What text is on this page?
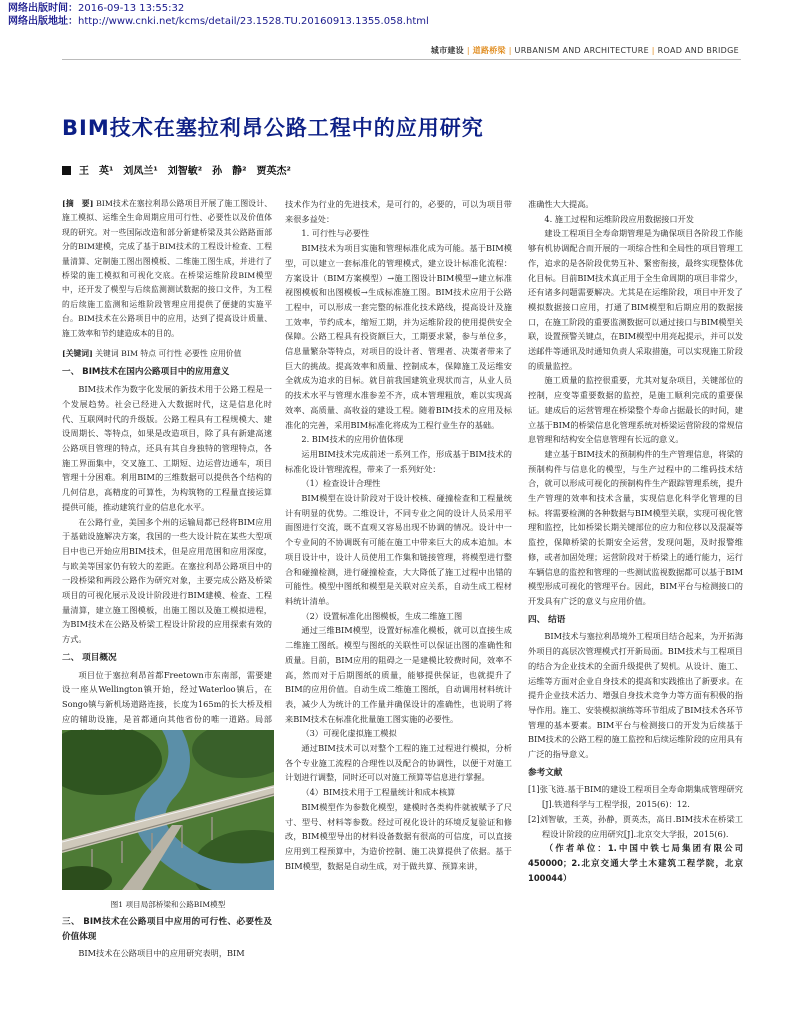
网络出版时间：2016-09-13 13:55:32
网络出版地址：http://www.cnki.net/kcms/detail/23.1528.TU.20160913.1355.058.html
城市建设 | 道路桥梁 | URBANISM AND ARCHITECTURE | ROAD AND BRIDGE
BIM技术在塞拉利昂公路工程中的应用研究
王　英¹　刘凤兰¹　刘智敏²　孙　静²　贾英杰²
[摘　要] BIM技术在塞拉利昂公路项目开展了施工图设计、施工模拟、运维全生命周期应用可行性、必要性以及价值体现的研究。对一些国际改造和部分新建桥梁及其公路路面部分的BIM建模，完成了基于BIM技术的工程设计检查、工程量清算、定制施工图出图模板、二维施工图生成，并进行了桥梁的施工模拟和可视化交底。在桥梁运维阶段BIM模型中，还开发了模型与后续监测测试数据的接口文件，为工程的后续施工监测和运维阶段管理应用提供了便捷的实施平台。BIM技术在公路项目中的应用，达到了提高设计质量、施工效率和节约建造成本的目的。
[关键词] 关键词 BIM 特点 可行性 必要性 应用价值

一、 BIM技术在国内公路项目中的应用意义

BIM技术作为数字化发展的新技术用于公路工程是一个发展趋势。社会已经进入大数据时代，这是信息化时代、互联网时代的升级版。公路工程具有工程规模大、建设周期长、等特点，如果是改造项目，除了具有新建高速公路项目管理的特点，还具有其自身独特的管理特点，各施工界面集中，交叉施工、工期短、边运营边通车，项目管理十分困难。利用BIM的三维数据可以提供各个结构的几何信息，高精度的可算性，为构筑物的工程量直接运算提供可能，推动建筑行业的信息化水平。

在公路行业，美国多个州的运输局都已经将BIM应用于基础设施解决方案，我国的一些大设计院在某些大型项目中也已开始应用BIM技术，但是应用范围和应用深度，与欧美等国家仍有较大的差距。在塞拉利昂公路项目中的一段桥梁和两段公路作为研究对象，主要完成公路及桥梁项目的可视化展示及设计阶段进行BIM建模、检查、工程量清算，建立施工图模板，出施工图以及施工模拟进程，为BIM技术在公路及桥梁工程设计阶段的应用探索有效的方式。

二、 项目概况

项目位于塞拉利昂首都Freetown市东南部，需要建设一座从Wellington镇开始，经过Waterloo镇后，在Songo镇与新机场道路连接，长度为165m的长大桥及相应的辅助设施，是首都通向其他省份的唯一道路。局部

图1 项目局部桥梁和公路BIM模型

三、 BIM技术在公路项目中应用的可行性、必要性及价值体现

BIM技术在公路项目中的应用研究表明，BIM

技术作为行业的先进技术，是可行的，必要的，可以为项目带来很多益处：

1. 可行性与必要性

BIM技术为项目实施和管理标准化成为可能。基于BIM模型，可以建立一套标准化的管理模式，建立设计标准化流程：方案设计（BIM方案模型）→施工图设计BIM模型→建立标准视图模板和出图模板→生成标准施工图。BIM技术应用于公路工程中，可以形成一套完整的标准化技术路线，提高设计及施工效率，节约成本，缩短工期，并为运维阶段的使用提供安全保障。公路工程具有投资额巨大，工期要求紧，参与单位多，信息量繁杂等特点，对项目的设计者、管理者、决策者带来了巨大的挑战。提高效率和质量、控制成本，保障施工及运维安全就成为追求的目标。就目前我国建筑业现状而言，从业人员的技术水平与管理水准参差不齐，成本管理粗放，难以实现高效率、高质量、高收益的建设工程。随着BIM技术的应用及标准化的完善，采用BIM标准化将成为工程行业生存的基础。

2. BIM技术的应用价值体现

运用BIM技术完成前述一系列工作，形成基于BIM技术的标准化设计管理流程，带来了一系列好处：

（1）检查设计合理性

BIM模型在设计阶段对于设计校核、碰撞检查和工程量统计有明显的优势。二维设计，不同专业之间的设计人员采用平面图进行交流，既不直观又容易出现不协调的情况。设计中一个专业间的不协调既有可能在施工中带来巨大的成本追加。本项目设计中，设计人员使用工作集和链接管理，将模型进行整合和碰撞检测，进行碰撞检查，大大降低了施工过程中出错的可能性。模型中图纸和模型是关联对应关系，自动生成工程材料统计清单。

（2）设置标准化出图模板，生成二维施工图

通过三维BIM模型，设置好标准化模板，就可以直接生成二维施工图纸。模型与图纸的关联性可以保证出图的准确性和质量。目前，BIM应用的阻碍之一是建模比较费时间，效率不高，然而对于后期图纸的质量，能够提供保证，也就提升了BIM的应用价值。自动生成二维施工图纸，自动调用材料统计表，减少人为统计的工作量并确保设计的准确性，也说明了将来BIM技术在标准化批量施工图实施的必要性。

（3）可视化虚拟施工模拟

通过BIM技术可以对整个工程的施工过程进行模拟，分析各个专业施工流程的合理性以及配合的协调性，以便于对施工计划进行调整，同时还可以对施工预算等信息进行掌握。

（4）BIM技术用于工程量统计和成本核算

BIM模型作为参数化模型，建模时各类构件就被赋予了尺寸、型号、材料等参数。经过可视化设计的环境反复验证和修改，BIM模型导出的材料设备数据有很高的可信度，可以直接应用到工程预算中，为造价控制、施工决算提供了依据。基于BIM模型，数据是自动生成，对于做共算、预算来讲，

准确性大大提高。

4. 施工过程和运维阶段应用数据接口开发

建设工程项目全寿命期管理是为确保项目各阶段工作能够有机协调配合而开展的一项综合性和全局性的项目管理工作，追求的是各阶段优势互补、緊密衔接，最终实现整体优化目标。目前BIM技术真正用于全生命周期的项目非常少，还有诸多问题需要解决。尤其是在运维阶段，项目中开发了模拟数据接口应用，打通了BIM模型和后期应用的数据接口，在施工阶段的重要监测数据可以通过接口与BIM模型关联，设置预警关键点，在BIM模型中用亮起提示，并可以发送邮件等通讯及时通知负责人采取措施，可以实现施工阶段的质量监控。

施工质量的监控很重要，尤其对复杂项目，关键部位的控制，应变等重要数据的监控，是施工顺利完成的重要保证。建成后的运营管理在桥梁整个寿命占据最长的时间，建立基于BIM的桥梁信息化管理系统对桥梁运营阶段的常规信息管理和结构安全信息管理有长远的意义。

建立基于BIM技术的预制构件的生产管理信息，将梁的预制构件与信息化的模型，与生产过程中的二维码技术结合，就可以形成可视化的预制构件生产跟踪管理系统，提升生产管理的效率和技术含量，实现信息化科学化管理的目标。将需要检测的各种数据与BIM模型关联，实现可视化管理和监控，比如桥梁长期关键部位的应力和位移以及混凝等监控，保障桥梁的长期安全运营，发现问题，及时报警维修，或者加固处理；运营阶段对于桥梁上的通行能力，运行车辆信息的监控和管理的一些测试监视数据都可以基于BIM模型形成可视化的管理平台。因此，BIM平台与检测接口的开发具有广泛的意义与应用价值。

四、 结语

BIM技术与塞拉利昂境外工程项目结合起来，为开拓海外项目的高层次管理模式打开新局面。BIM技术与工程项目的结合为企业技术的全面升级提供了契机。从设计、施工、运维等方面对企业自身技术的提高和实践推出了新要求。在提升企业技术活力、增强自身技术竞争力等方面有积极的指导作用。施工、安装模拟演练等环节组成了BIM技术各环节管理的基本要素。BIM平台与检测接口的开发为后续基于BIM技术的公路工程的施工监控和后续运维阶段的应用具有广泛的指导意义。

参考文献

[1]张飞涟.基于BIM的建设工程项目全寿命期集成管理研究[J].铁道科学与工程学报，2015(6)：12.

[2]刘智敏，王英，孙静，贾英杰，高日.BIM技术在桥梁工程设计阶段的应用研究[J].北京交大学报，2015(6).

（作者单位：1.中国中铁七局集团有限公司 450000；2.北京交通大学土木建筑工程学院，北京 100044）
